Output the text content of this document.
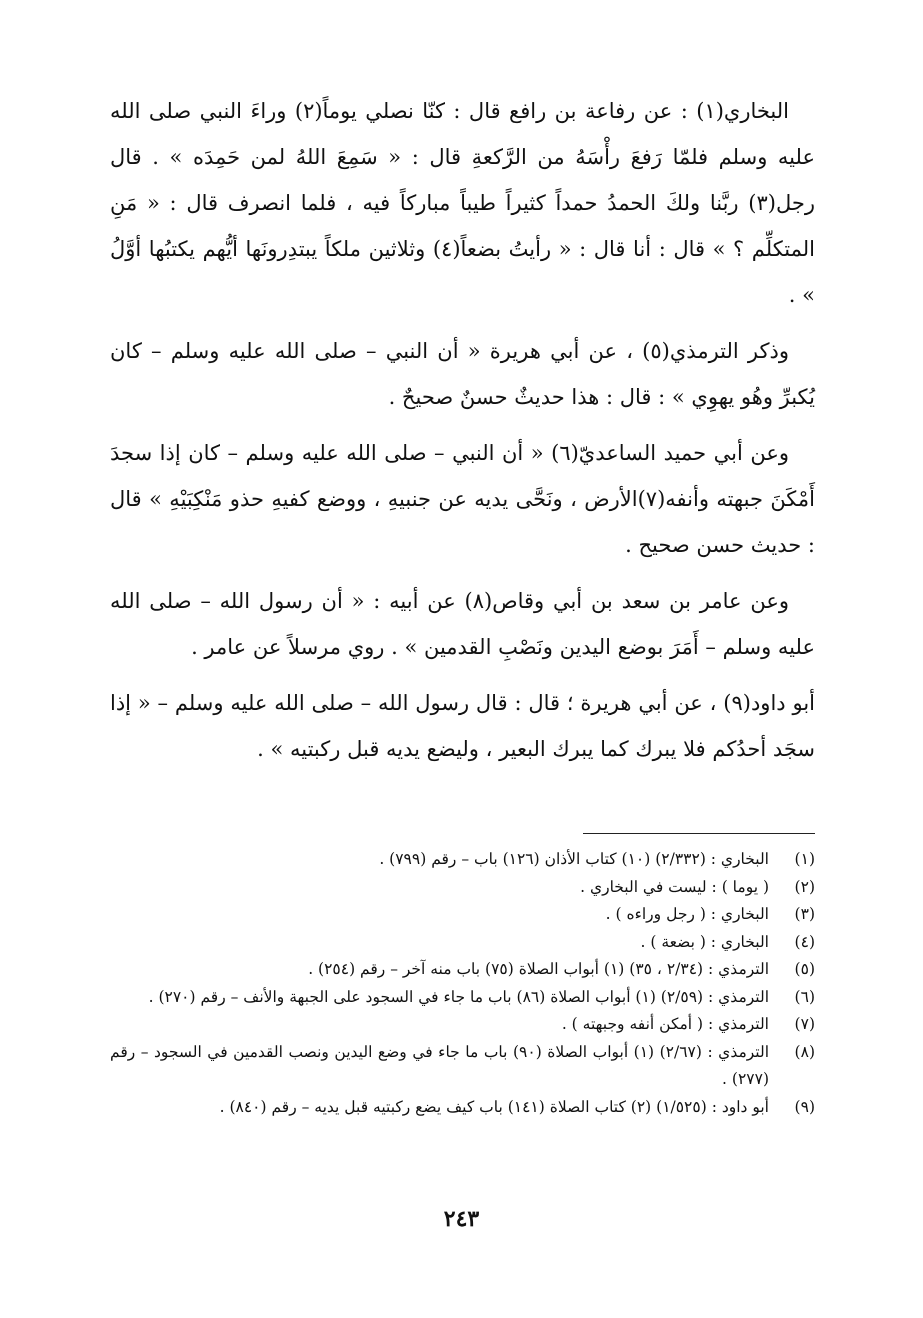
البخاري(١) : عن رفاعة بن رافع قال : كنّا نصلي يوماً(٢) وراءَ النبي صلى الله عليه وسلم فلمّا رَفعَ رأْسَهُ من الرَّكعةِ قال : « سَمِعَ اللهُ لمن حَمِدَه » . قال رجل(٣) ربَّنا ولكَ الحمدُ حمداً كثيراً طيباً مباركاً فيه ، فلما انصرف قال : « مَنِ المتكلِّم ؟ » قال : أنا قال : « رأيتُ بضعاً(٤) وثلاثين ملكاً يبتدِرونَها أيُّهم يكتبُها أوَّلُ » .

وذكر الترمذي(٥) ، عن أبي هريرة « أن النبي – صلى الله عليه وسلم – كان يُكبرِّ وهُو يهوِي » : قال : هذا حديثٌ حسنٌ صحيحٌ .

وعن أبي حميد الساعديّ(٦) « أن النبي – صلى الله عليه وسلم – كان إذا سجدَ أَمْكَنَ جبهته وأنفه(٧)الأرض ، ونَحَّى يديه عن جنبيهِ ، ووضع كفيهِ حذو مَنْكِبَيْهِ » قال : حديث حسن صحيح .

وعن عامر بن سعد بن أبي وقاص(٨) عن أبيه : « أن رسول الله – صلى الله عليه وسلم – أَمَرَ بوضع اليدين ونَصْبِ القدمين » . روي مرسلاً عن عامر .

أبو داود(٩) ، عن أبي هريرة ؛ قال : قال رسول الله – صلى الله عليه وسلم – « إذا سجَد أحدُكم فلا يبرك كما يبرك البعير ، وليضع يديه قبل ركبتيه » .

(١)
البخاري : (٢/٣٣٢) (١٠) كتاب الأذان (١٢٦) باب – رقم (٧٩٩) .
(٢)
( يوما ) : ليست في البخاري .
(٣)
البخاري : ( رجل وراءه ) .
(٤)
البخاري : ( بضعة ) .
(٥)
الترمذي : (٢/٣٤ ، ٣٥) (١) أبواب الصلاة (٧٥) باب منه آخر – رقم (٢٥٤) .
(٦)
الترمذي : (٢/٥٩) (١) أبواب الصلاة (٨٦) باب ما جاء في السجود على الجبهة والأنف – رقم (٢٧٠) .
(٧)
الترمذي : ( أمكن أنفه وجبهته ) .
(٨)
الترمذي : (٢/٦٧) (١) أبواب الصلاة (٩٠) باب ما جاء في وضع اليدين ونصب القدمين في السجود – رقم (٢٧٧) .
(٩)
أبو داود : (١/٥٢٥) (٢) كتاب الصلاة (١٤١) باب كيف يضع ركبتيه قبل يديه – رقم (٨٤٠) .
٢٤٣
